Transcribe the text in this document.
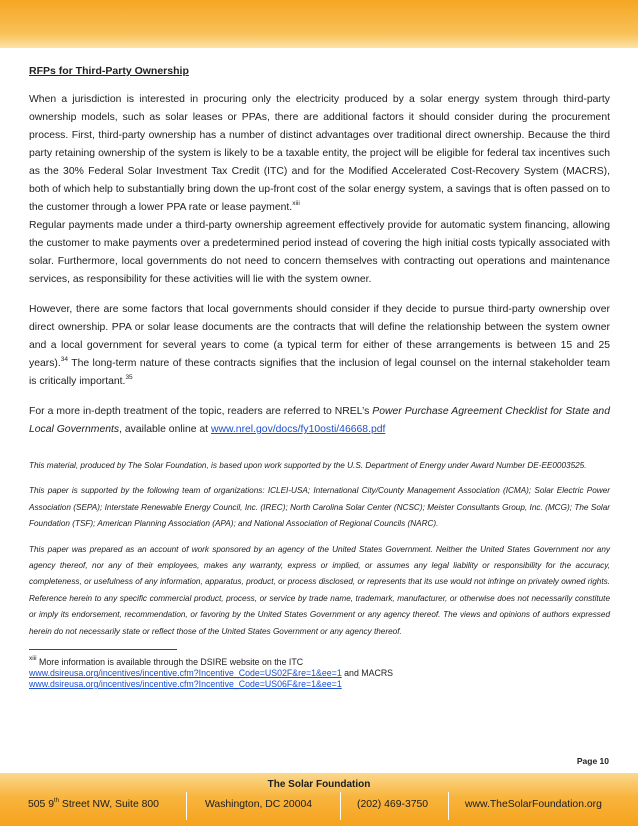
RFPs for Third-Party Ownership

When a jurisdiction is interested in procuring only the electricity produced by a solar energy system through third-party ownership models, such as solar leases or PPAs, there are additional factors it should consider during the procurement process. First, third-party ownership has a number of distinct advantages over traditional direct ownership. Because the third party retaining ownership of the system is likely to be a taxable entity, the project will be eligible for federal tax incentives such as the 30% Federal Solar Investment Tax Credit (ITC) and for the Modified Accelerated Cost-Recovery System (MACRS), both of which help to substantially bring down the up-front cost of the solar energy system, a savings that is often passed on to the customer through a lower PPA rate or lease payment.$^{xiii}$
Regular payments made under a third-party ownership agreement effectively provide for automatic system financing, allowing the customer to make payments over a predetermined period instead of covering the high initial costs typically associated with solar. Furthermore, local governments do not need to concern themselves with contracting out operations and maintenance services, as responsibility for these activities will lie with the system owner.

However, there are some factors that local governments should consider if they decide to pursue third-party ownership over direct ownership. PPA or solar lease documents are the contracts that will define the relationship between the system owner and a local government for several years to come (a typical term for either of these arrangements is between 15 and 25 years).$^{34}$ The long-term nature of these contracts signifies that the inclusion of legal counsel on the internal stakeholder team is critically important.$^{35}$

For a more in-depth treatment of the topic, readers are referred to NREL’s Power Purchase Agreement Checklist for State and Local Governments, available online at www.nrel.gov/docs/fy10osti/46668.pdf

This material, produced by The Solar Foundation, is based upon work supported by the U.S. Department of Energy under Award Number DE-EE0003525.

This paper is supported by the following team of organizations: ICLEI-USA; International City/County Management Association (ICMA); Solar Electric Power Association (SEPA); Interstate Renewable Energy Council, Inc. (IREC); North Carolina Solar Center (NCSC); Meister Consultants Group, Inc. (MCG); The Solar Foundation (TSF); American Planning Association (APA); and National Association of Regional Councils (NARC).

This paper was prepared as an account of work sponsored by an agency of the United States Government. Neither the United States Government nor any agency thereof, nor any of their employees, makes any warranty, express or implied, or assumes any legal liability or responsibility for the accuracy, completeness, or usefulness of any information, apparatus, product, or process disclosed, or represents that its use would not infringe on privately owned rights. Reference herein to any specific commercial product, process, or service by trade name, trademark, manufacturer, or otherwise does not necessarily constitute or imply its endorsement, recommendation, or favoring by the United States Government or any agency thereof. The views and opinions of authors expressed herein do not necessarily state or reflect those of the United States Government or any agency thereof.

$^{xiii}$ More information is available through the DSIRE website on the ITC
www.dsireusa.org/incentives/incentive.cfm?Incentive_Code=US02F&re=1&ee=1 and MACRS
www.dsireusa.org/incentives/incentive.cfm?Incentive_Code=US06F&re=1&ee=1

Page 10
The Solar Foundation
505 9th Street NW, Suite 800	Washington, DC 20004	(202) 469-3750	www.TheSolarFoundation.org
